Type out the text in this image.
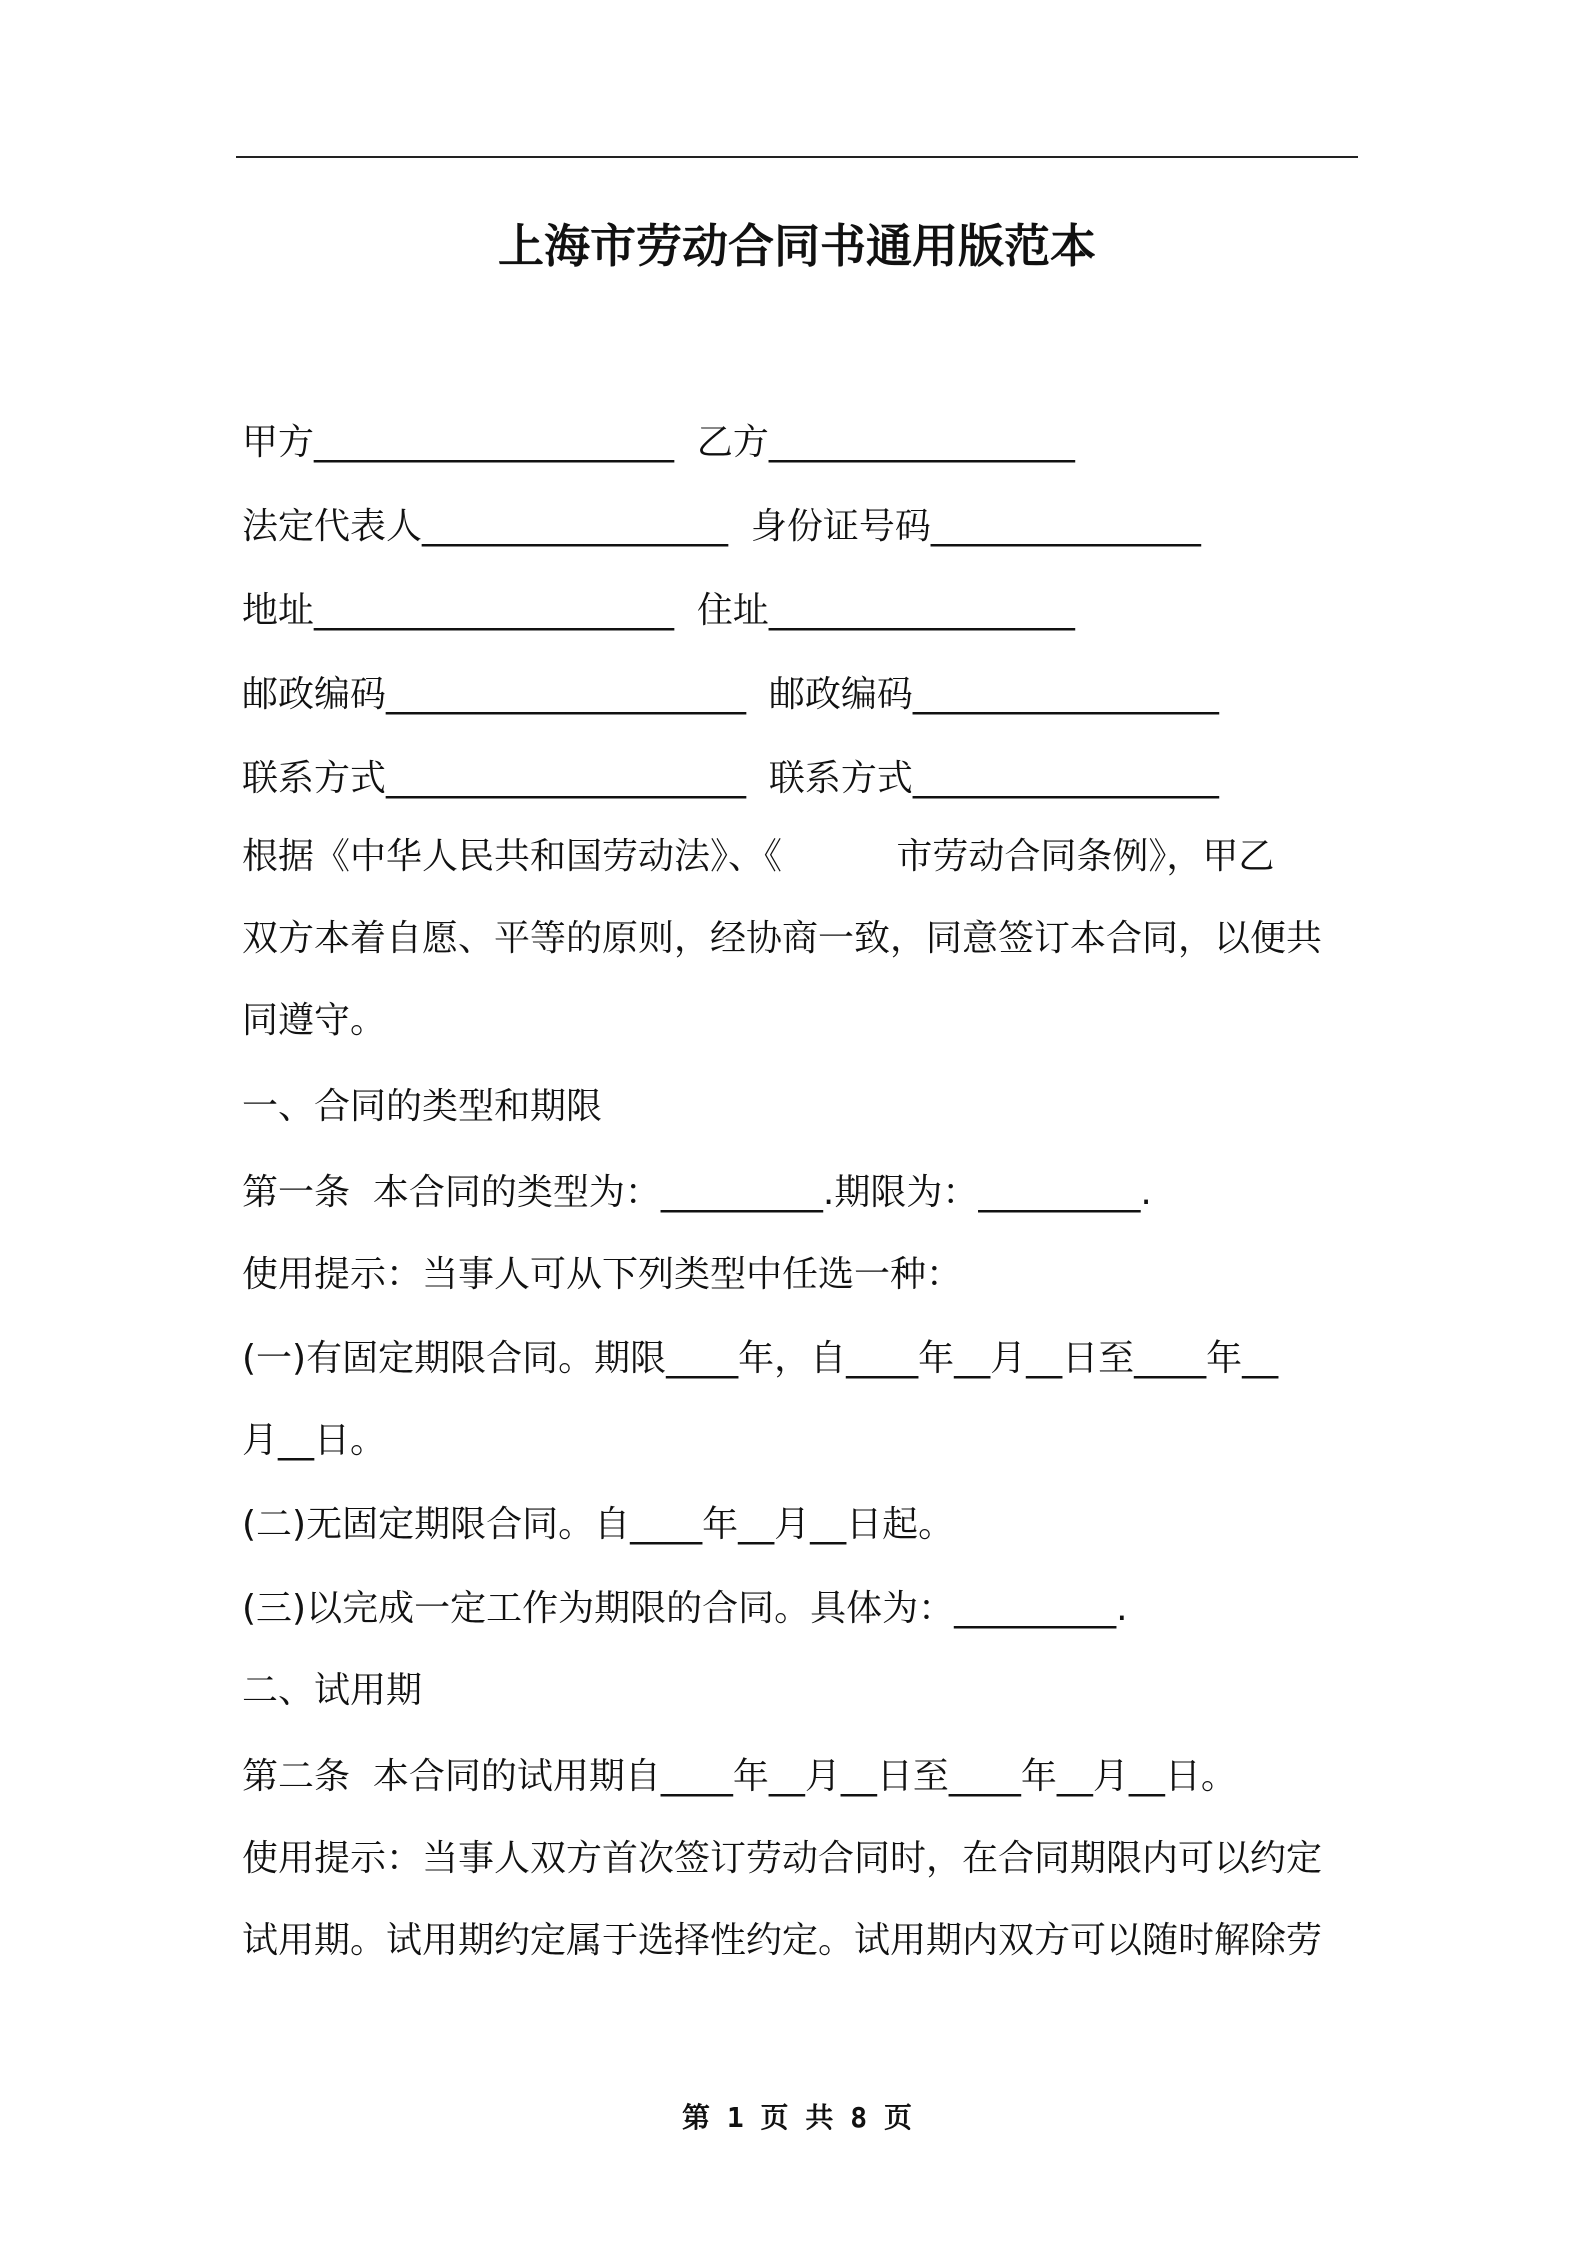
上海市劳动合同书通用版范本
甲方____________________  乙方_________________
法定代表人_________________  身份证号码_______________
地址____________________  住址_________________
邮政编码____________________  邮政编码_________________
联系方式____________________  联系方式_________________
根据《中华人民共和国劳动法》、《          市劳动合同条例》，甲乙
双方本着自愿、平等的原则，经协商一致，同意签订本合同，以便共
同遵守。
一、合同的类型和期限
第一条  本合同的类型为：_________.期限为：_________.
使用提示：当事人可从下列类型中任选一种：
(一)有固定期限合同。期限____年，自____年__月__日至____年__
月__日。
(二)无固定期限合同。自____年__月__日起。
(三)以完成一定工作为期限的合同。具体为：_________.
二、试用期
第二条  本合同的试用期自____年__月__日至____年__月__日。
使用提示：当事人双方首次签订劳动合同时，在合同期限内可以约定
试用期。试用期约定属于选择性约定。试用期内双方可以随时解除劳
第 1 页 共 8 页
